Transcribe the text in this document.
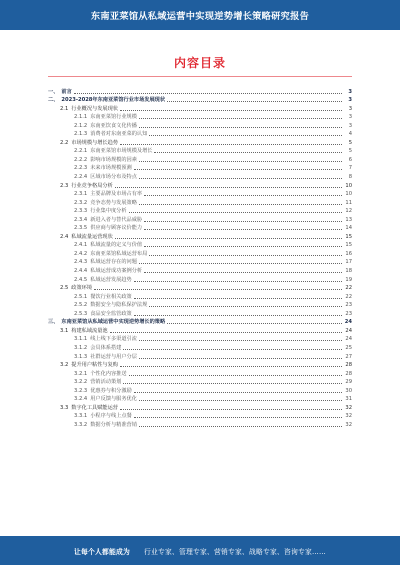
东南亚菜馆从私域运营中实现逆势增长策略研究报告
内容目录
一、 前言	3
二、 2023-2028年东南亚菜馆行业市场发展现状	3
2.1 行业概况与发展现状	3
2.1.1 东南亚菜馆行业规模	3
2.1.2 东南亚饮食文化传播	3
2.1.3 消费者对东南亚菜的认知	4
2.2 市场规模与增长趋势	5
2.2.1 东南亚菜馆市场规模及增长	5
2.2.2 影响市场规模的因素	6
2.2.3 未来市场规模预测	7
2.2.4 区域市场分布及特点	8
2.3 行业竞争格局分析	10
2.3.1 主要品牌及市场占有率	10
2.3.2 竞争态势与发展策略	11
2.3.3 行业集中度分析	12
2.3.4 新进入者与替代品威胁	13
2.3.5 供应商与顾客议价能力	14
2.4 私域流量运营现状	15
2.4.1 私域流量的定义与价值	15
2.4.2 东南亚菜馆私域运营布局	16
2.4.3 私域运营存在的问题	17
2.4.4 私域运营成功案例分析	18
2.4.5 私域运营发展趋势	19
2.5 政策环境	22
2.5.1 餐饮行业相关政策	22
2.5.2 数据安全与隐私保护法规	23
2.5.3 食品安全监管政策	23
三、 东南亚菜馆从私域运营中实现逆势增长的策略	24
3.1 构建私域流量池	24
3.1.1 线上线下多渠道引流	24
3.1.2 会员体系搭建	25
3.1.3 社群运营与用户分层	27
3.2 提升用户粘性与复购	28
3.2.1 个性化内容推送	28
3.2.2 营销活动策划	29
3.2.3 优惠券与积分激励	30
3.2.4 用户反馈与服务优化	31
3.3 数字化工具赋能运营	32
3.3.1 小程序与线上点餐	32
3.3.2 数据分析与精准营销	32
让每个人都能成为 行业专家、管理专家、营销专家、战略专家、咨询专家……
